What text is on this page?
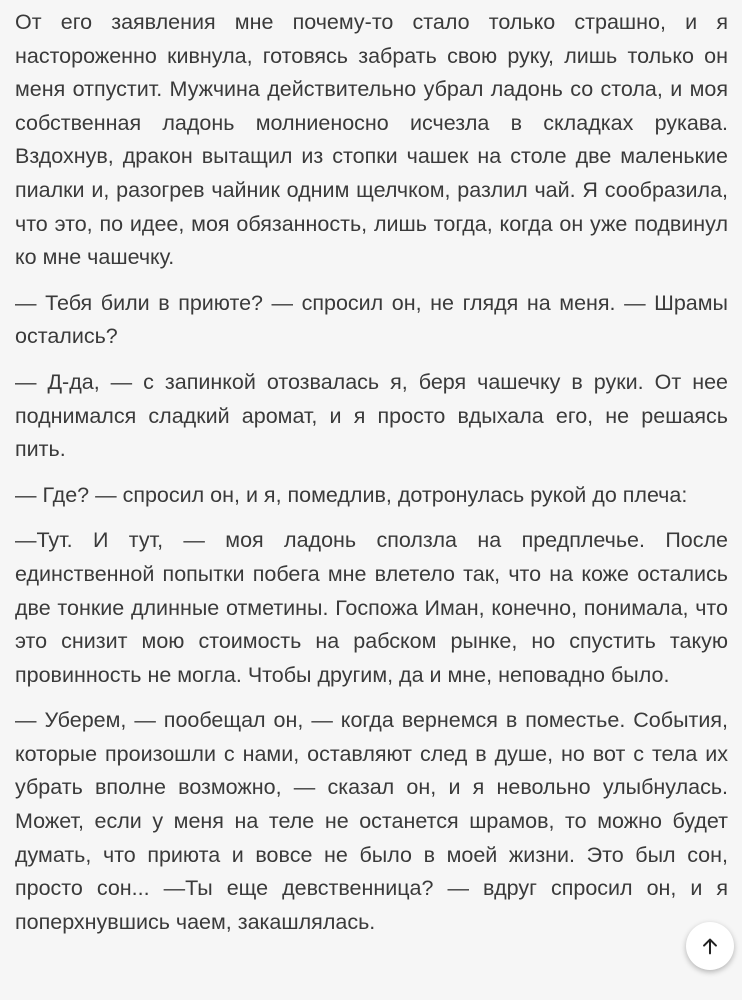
От его заявления мне почему-то стало только страшно, и я настороженно кивнула, готовясь забрать свою руку, лишь только он меня отпустит. Мужчина действительно убрал ладонь со стола, и моя собственная ладонь молниеносно исчезла в складках рукава. Вздохнув, дракон вытащил из стопки чашек на столе две маленькие пиалки и, разогрев чайник одним щелчком, разлил чай. Я сообразила, что это, по идее, моя обязанность, лишь тогда, когда он уже подвинул ко мне чашечку.

— Тебя били в приюте? — спросил он, не глядя на меня. — Шрамы остались?

— Д-да, — с запинкой отозвалась я, беря чашечку в руки. От нее поднимался сладкий аромат, и я просто вдыхала его, не решаясь пить.

— Где? — спросил он, и я, помедлив, дотронулась рукой до плеча:

—Тут. И тут, — моя ладонь сползла на предплечье. После единственной попытки побега мне влетело так, что на коже остались две тонкие длинные отметины. Госпожа Иман, конечно, понимала, что это снизит мою стоимость на рабском рынке, но спустить такую провинность не могла. Чтобы другим, да и мне, неповадно было.

— Уберем, — пообещал он, — когда вернемся в поместье. События, которые произошли с нами, оставляют след в душе, но вот с тела их убрать вполне возможно, — сказал он, и я невольно улыбнулась. Может, если у меня на теле не останется шрамов, то можно будет думать, что приюта и вовсе не было в моей жизни. Это был сон, просто сон... —Ты еще девственница? — вдруг спросил он, и я поперхнувшись чаем, закашлялась.
